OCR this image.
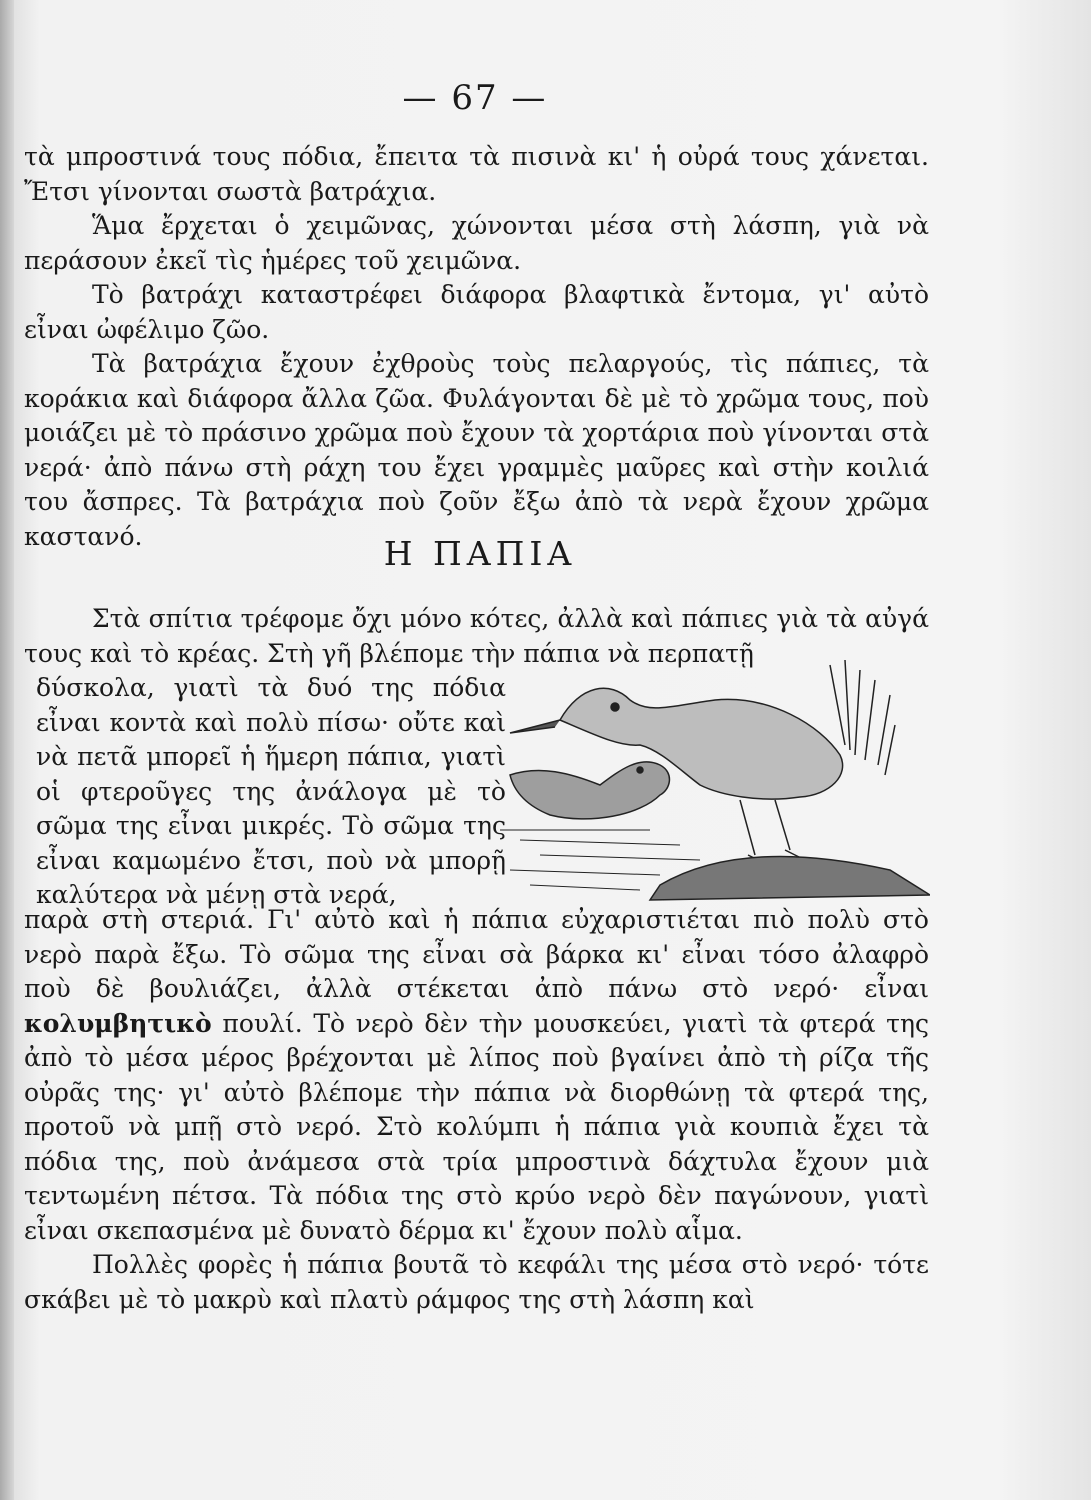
— 67 —

τὰ μπροστινά τους πόδια, ἔπειτα τὰ πισινὰ κι' ἡ οὐρά τους χάνεται. Ἔτσι γίνονται σωστὰ βατράχια.

Ἅμα ἔρχεται ὁ χειμῶνας, χώνονται μέσα στὴ λάσπη, γιὰ νὰ περάσουν ἐκεῖ τὶς ἡμέρες τοῦ χειμῶνα.

Τὸ βατράχι καταστρέφει διάφορα βλαφτικὰ ἔντομα, γι' αὐτὸ εἶναι ὠφέλιμο ζῶο.

Τὰ βατράχια ἔχουν ἐχθροὺς τοὺς πελαργούς, τὶς πάπιες, τὰ κοράκια καὶ διάφορα ἄλλα ζῶα. Φυλάγονται δὲ μὲ τὸ χρῶμα τους, ποὺ μοιάζει μὲ τὸ πράσινο χρῶμα ποὺ ἔχουν τὰ χορτάρια ποὺ γίνονται στὰ νερά· ἀπὸ πάνω στὴ ράχη του ἔχει γραμμὲς μαῦρες καὶ στὴν κοιλιά του ἄσπρες. Τὰ βατράχια ποὺ ζοῦν ἔξω ἀπὸ τὰ νερὰ ἔχουν χρῶμα καστανό.	Η ΠΑΠΙΑ

Στὰ σπίτια τρέφομε ὄχι μόνο κότες, ἀλλὰ καὶ πάπιες γιὰ τὰ αὐγά τους καὶ τὸ κρέας. Στὴ γῆ βλέπομε τὴν πάπια νὰ περπατῇ

δύσκολα, γιατὶ τὰ δυό της πόδια εἶναι κοντὰ καὶ πολὺ πίσω· οὔτε καὶ νὰ πετᾶ μπορεῖ ἡ ἥμερη πάπια, γιατὶ οἱ φτεροῦγες της ἀνάλογα μὲ τὸ σῶμα της εἶναι μικρές. Τὸ σῶμα της εἶναι καμωμένο ἔτσι, ποὺ νὰ μπορῇ καλύτερα νὰ μένῃ στὰ νερά,

παρὰ στὴ στεριά. Γι' αὐτὸ καὶ ἡ πάπια εὐχαριστιέται πιὸ πολὺ στὸ νερὸ παρὰ ἔξω. Τὸ σῶμα της εἶναι σὰ βάρκα κι' εἶναι τόσο ἀλαφρὸ ποὺ δὲ βουλιάζει, ἀλλὰ στέκεται ἀπὸ πάνω στὸ νερό· εἶναι κολυμβητικὸ πουλί. Τὸ νερὸ δὲν τὴν μουσκεύει, γιατὶ τὰ φτερά της ἀπὸ τὸ μέσα μέρος βρέχονται μὲ λίπος ποὺ βγαίνει ἀπὸ τὴ ρίζα τῆς οὐρᾶς της· γι' αὐτὸ βλέπομε τὴν πάπια νὰ διορθώνῃ τὰ φτερά της, προτοῦ νὰ μπῇ στὸ νερό. Στὸ κολύμπι ἡ πάπια γιὰ κουπιὰ ἔχει τὰ πόδια της, ποὺ ἀνάμεσα στὰ τρία μπροστινὰ δάχτυλα ἔχουν μιὰ τεντωμένη πέτσα. Τὰ πόδια της στὸ κρύο νερὸ δὲν παγώνουν, γιατὶ εἶναι σκεπασμένα μὲ δυνατὸ δέρμα κι' ἔχουν πολὺ αἷμα.

Πολλὲς φορὲς ἡ πάπια βουτᾶ τὸ κεφάλι της μέσα στὸ νερό· τότε σκάβει μὲ τὸ μακρὺ καὶ πλατὺ ράμφος της στὴ λάσπη καὶ
